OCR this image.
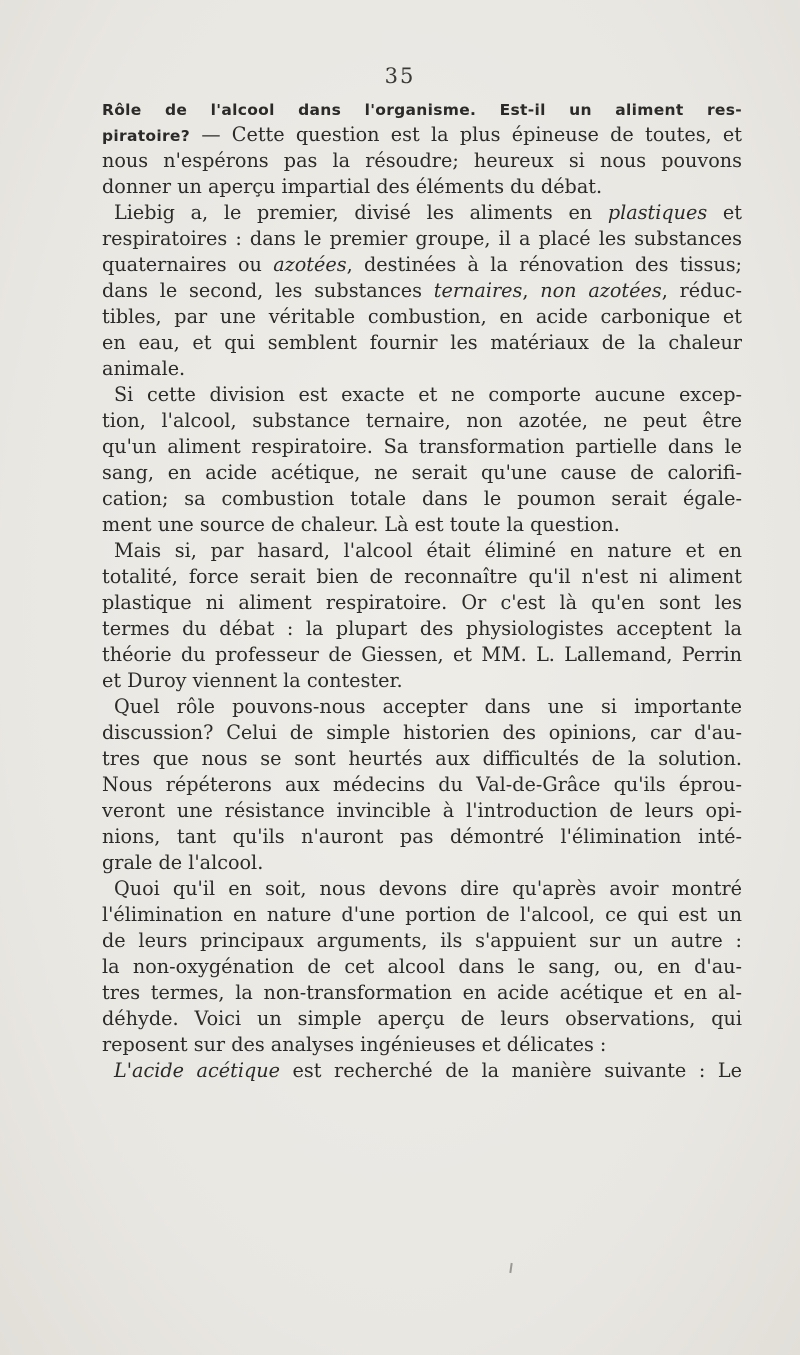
35
Rôle de l'alcool dans l'organisme. Est-il un aliment res-
piratoire? — Cette question est la plus épineuse de toutes, et
nous n'espérons pas la résoudre; heureux si nous pouvons
donner un aperçu impartial des éléments du débat.
Liebig a, le premier, divisé les aliments en plastiques et
respiratoires : dans le premier groupe, il a placé les substances
quaternaires ou azotées, destinées à la rénovation des tissus;
dans le second, les substances ternaires, non azotées, réduc-
tibles, par une véritable combustion, en acide carbonique et
en eau, et qui semblent fournir les matériaux de la chaleur
animale.
Si cette division est exacte et ne comporte aucune excep-
tion, l'alcool, substance ternaire, non azotée, ne peut être
qu'un aliment respiratoire. Sa transformation partielle dans le
sang, en acide acétique, ne serait qu'une cause de calorifi-
cation; sa combustion totale dans le poumon serait égale-
ment une source de chaleur. Là est toute la question.
Mais si, par hasard, l'alcool était éliminé en nature et en
totalité, force serait bien de reconnaître qu'il n'est ni aliment
plastique ni aliment respiratoire. Or c'est là qu'en sont les
termes du débat : la plupart des physiologistes acceptent la
théorie du professeur de Giessen, et MM. L. Lallemand, Perrin
et Duroy viennent la contester.
Quel rôle pouvons-nous accepter dans une si importante
discussion? Celui de simple historien des opinions, car d'au-
tres que nous se sont heurtés aux difficultés de la solution.
Nous répéterons aux médecins du Val-de-Grâce qu'ils éprou-
veront une résistance invincible à l'introduction de leurs opi-
nions, tant qu'ils n'auront pas démontré l'élimination inté-
grale de l'alcool.
Quoi qu'il en soit, nous devons dire qu'après avoir montré
l'élimination en nature d'une portion de l'alcool, ce qui est un
de leurs principaux arguments, ils s'appuient sur un autre :
la non-oxygénation de cet alcool dans le sang, ou, en d'au-
tres termes, la non-transformation en acide acétique et en al-
déhyde. Voici un simple aperçu de leurs observations, qui
reposent sur des analyses ingénieuses et délicates :
L'acide acétique est recherché de la manière suivante : Le
